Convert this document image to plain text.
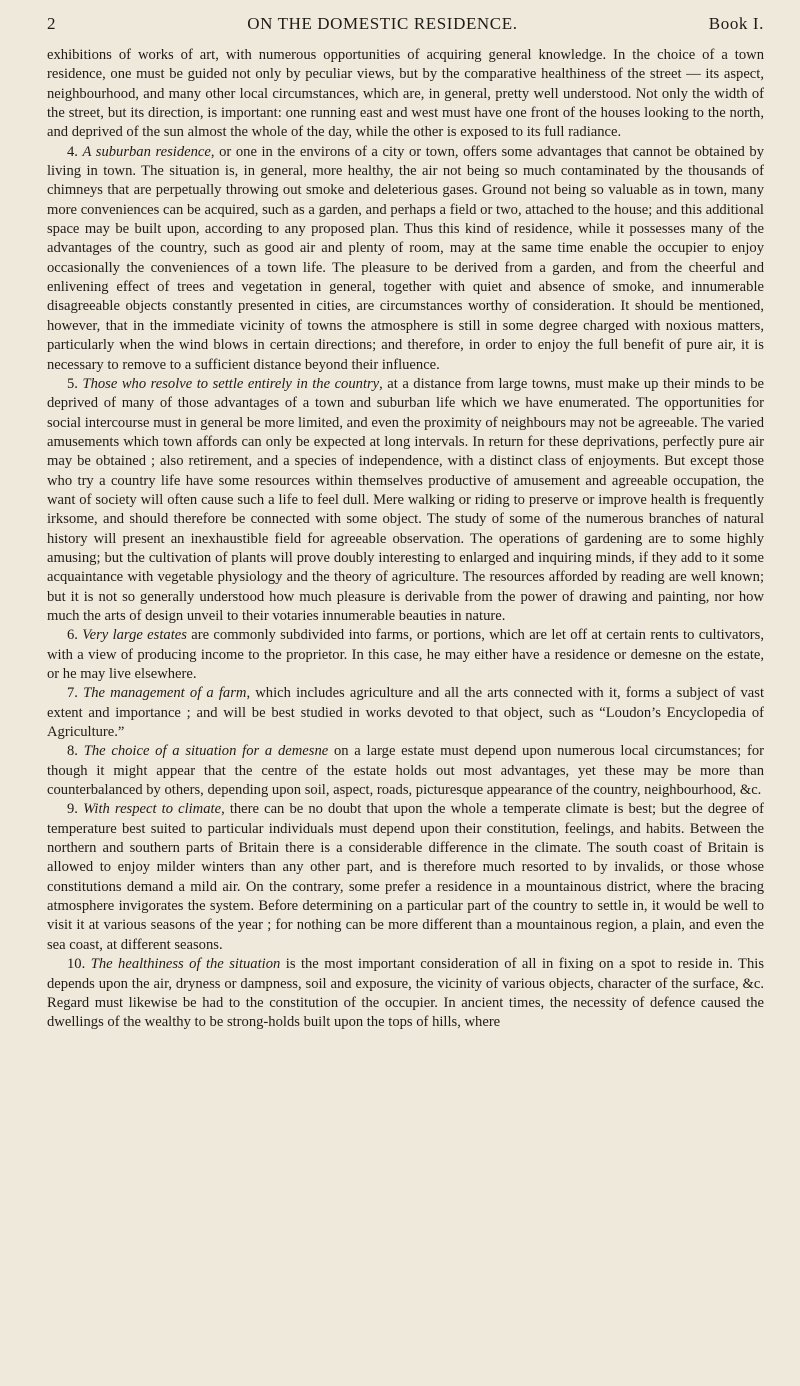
2	ON THE DOMESTIC RESIDENCE.	Book I.

exhibitions of works of art, with numerous opportunities of acquiring general knowledge. In the choice of a town residence, one must be guided not only by peculiar views, but by the comparative healthiness of the street — its aspect, neighbourhood, and many other local circumstances, which are, in general, pretty well understood. Not only the width of the street, but its direction, is important: one running east and west must have one front of the houses looking to the north, and deprived of the sun almost the whole of the day, while the other is exposed to its full radiance.

4. A suburban residence, or one in the environs of a city or town, offers some advantages that cannot be obtained by living in town. The situation is, in general, more healthy, the air not being so much contaminated by the thousands of chimneys that are perpetually throwing out smoke and deleterious gases. Ground not being so valuable as in town, many more conveniences can be acquired, such as a garden, and perhaps a field or two, attached to the house; and this additional space may be built upon, according to any proposed plan. Thus this kind of residence, while it possesses many of the advantages of the country, such as good air and plenty of room, may at the same time enable the occupier to enjoy occasionally the conveniences of a town life. The pleasure to be derived from a garden, and from the cheerful and enlivening effect of trees and vegetation in general, together with quiet and absence of smoke, and innumerable disagreeable objects constantly presented in cities, are circumstances worthy of consideration. It should be mentioned, however, that in the immediate vicinity of towns the atmosphere is still in some degree charged with noxious matters, particularly when the wind blows in certain directions; and therefore, in order to enjoy the full benefit of pure air, it is necessary to remove to a sufficient distance beyond their influence.

5. Those who resolve to settle entirely in the country, at a distance from large towns, must make up their minds to be deprived of many of those advantages of a town and suburban life which we have enumerated. The opportunities for social intercourse must in general be more limited, and even the proximity of neighbours may not be agreeable. The varied amusements which town affords can only be expected at long intervals. In return for these deprivations, perfectly pure air may be obtained ; also retirement, and a species of independence, with a distinct class of enjoyments. But except those who try a country life have some resources within themselves productive of amusement and agreeable occupation, the want of society will often cause such a life to feel dull. Mere walking or riding to preserve or improve health is frequently irksome, and should therefore be connected with some object. The study of some of the numerous branches of natural history will present an inexhaustible field for agreeable observation. The operations of gardening are to some highly amusing; but the cultivation of plants will prove doubly interesting to enlarged and inquiring minds, if they add to it some acquaintance with vegetable physiology and the theory of agriculture. The resources afforded by reading are well known; but it is not so generally understood how much pleasure is derivable from the power of drawing and painting, nor how much the arts of design unveil to their votaries innumerable beauties in nature.

6. Very large estates are commonly subdivided into farms, or portions, which are let off at certain rents to cultivators, with a view of producing income to the proprietor. In this case, he may either have a residence or demesne on the estate, or he may live elsewhere.

7. The management of a farm, which includes agriculture and all the arts connected with it, forms a subject of vast extent and importance ; and will be best studied in works devoted to that object, such as “Loudon’s Encyclopedia of Agriculture.”

8. The choice of a situation for a demesne on a large estate must depend upon numerous local circumstances; for though it might appear that the centre of the estate holds out most advantages, yet these may be more than counterbalanced by others, depending upon soil, aspect, roads, picturesque appearance of the country, neighbourhood, &c.

9. With respect to climate, there can be no doubt that upon the whole a temperate climate is best; but the degree of temperature best suited to particular individuals must depend upon their constitution, feelings, and habits. Between the northern and southern parts of Britain there is a considerable difference in the climate. The south coast of Britain is allowed to enjoy milder winters than any other part, and is therefore much resorted to by invalids, or those whose constitutions demand a mild air. On the contrary, some prefer a residence in a mountainous district, where the bracing atmosphere invigorates the system. Before determining on a particular part of the country to settle in, it would be well to visit it at various seasons of the year ; for nothing can be more different than a mountainous region, a plain, and even the sea coast, at different seasons.

10. The healthiness of the situation is the most important consideration of all in fixing on a spot to reside in. This depends upon the air, dryness or dampness, soil and exposure, the vicinity of various objects, character of the surface, &c. Regard must likewise be had to the constitution of the occupier. In ancient times, the necessity of defence caused the dwellings of the wealthy to be strong-holds built upon the tops of hills, where
